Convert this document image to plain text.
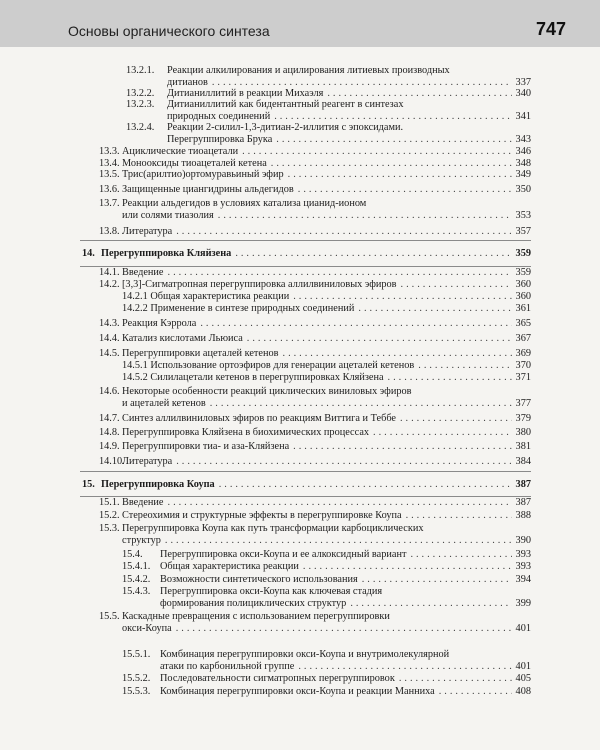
Основы органического синтеза	747
13.2.1. Реакции алкилирования и ацилирования литиевых производных
дитианов . . .	337
13.2.2.	Дитианиллитий в реакции Михаэля . . .	340
13.2.3. Дитианиллитий как бидентантный реагент в синтезах
природных соединений . . .	341
13.2.4. Реакции 2-силил-1,3-дитиан-2-иллития с эпоксидами.
Перегруппировка Брука . . .	343
13.3. Ациклические тиоацетали . . .	346
13.4. Монооксиды тиоацеталей кетена . . .	348
13.5. Трис(арилтио)ортомуравьиный эфир . . .	349
13.6. Защищенные циангидрины альдегидов . . .	350
13.7. Реакции альдегидов в условиях катализа цианид-ионом
или солями тиазолия . . .	353
13.8. Литература . . .	357
14. Перегруппировка Кляйзена . . .	359
14.1. Введение . . .	359
14.2. [3,3]-Сигматропная перегруппировка аллилвиниловых эфиров . . .	360
14.2.1 Общая характеристика реакции . . .	360
14.2.2 Применение в синтезе природных соединений . . .	361
14.3. Реакция Кэррола . . .	365
14.4. Катализ кислотами Льюиса . . .	367
14.5. Перегруппировки ацеталей кетенов . . .	369
14.5.1 Использование ортоэфиров для генерации ацеталей кетенов . . .	370
14.5.2 Силилацетали кетенов в перегруппировках Кляйзена . . .	371
14.6. Некоторые особенности реакций циклических виниловых эфиров
и ацеталей кетенов . . .	377
14.7. Синтез аллилвиниловых эфиров по реакциям Виттига и Теббе . . .	379
14.8. Перегруппировка Кляйзена в биохимических процессах . . .	380
14.9. Перегруппировки тиа- и аза-Кляйзена . . .	381
14.10.
Литература . . .	384
15. Перегруппировка Коупа . . .	387
15.1. Введение . . .	387
15.2. Стереохимия и структурные эффекты в перегруппировке Коупа . . .	388
15.3. Перегруппировка Коупа как путь трансформации карбоциклических
структур . . .	390
15.4.	Перегруппировка окси-Коупа и ее алкоксидный вариант . . .	393
15.4.1. Общая характеристика реакции . . .	393
15.4.2. Возможности синтетического использования . . .	394
15.4.3. Перегруппировка окси-Коупа как ключевая стадия
формирования полициклических структур . . .	399
15.5. Каскадные превращения с использованием перегруппировки
окси-Коупа . . .	401
15.5.1. Комбинация перегруппировки окси-Коупа и внутримолекулярной
атаки по карбонильной группе . . .	401
15.5.2. Последовательности сигматропных перегруппировок . . .	405
15.5.3. Комбинация перегруппировки окси-Коупа и реакции Манниха . . .	408
